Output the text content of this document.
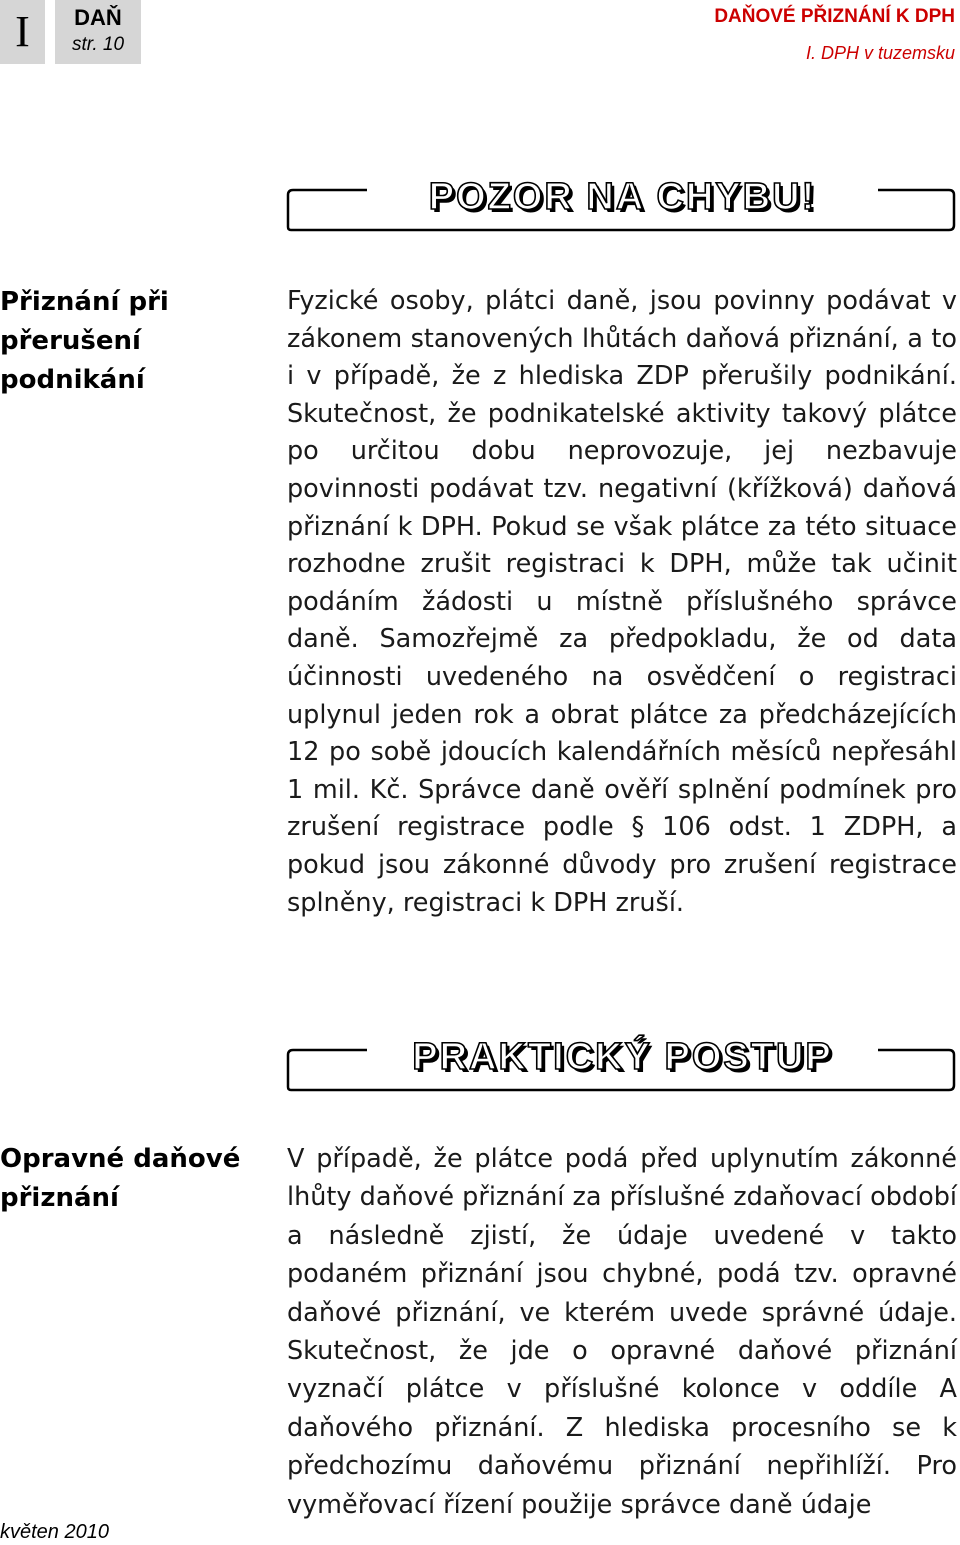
I	DAŇ
str. 10
DAŇOVÉ PŘIZNÁNÍ K DPH
I. DPH v tuzemsku
POZOR NA CHYBU!
Přiznání při
přerušení
podnikání
Fyzické osoby, plátci daně, jsou povinny podávat v zákonem stanovených lhůtách daňová přiznání, a to i v případě, že z hlediska ZDP přerušily podnikání. Skutečnost, že podnikatelské aktivity takový plátce po určitou dobu neprovozuje, jej nezbavuje povinnosti podávat tzv. negativní (křížková) daňová přiznání k DPH. Pokud se však plátce za této situace rozhodne zrušit registraci k DPH, může tak učinit podáním žádosti u místně příslušného správce daně. Samozřejmě za předpokladu, že od data účinnosti uvedeného na osvědčení o registraci uplynul jeden rok a obrat plátce za předcházejících 12 po sobě jdoucích kalendářních měsíců nepřesáhl 1 mil. Kč. Správce daně ověří splnění podmínek pro zrušení registrace podle § 106 odst. 1 ZDPH, a pokud jsou zákonné důvody pro zrušení registrace splněny, registraci k DPH zruší.
PRAKTICKÝ POSTUP
Opravné daňové
přiznání
V případě, že plátce podá před uplynutím zákonné lhůty daňové přiznání za příslušné zdaňovací období a následně zjistí, že údaje uvedené v takto podaném přiznání jsou chybné, podá tzv. opravné daňové přiznání, ve kterém uvede správné údaje. Skutečnost, že jde o opravné daňové přiznání vyznačí plátce v příslušné kolonce v oddíle A daňového přiznání. Z hlediska procesního se k předchozímu daňovému přiznání nepřihlíží. Pro vyměřovací řízení použije správce daně údaje
květen 2010
